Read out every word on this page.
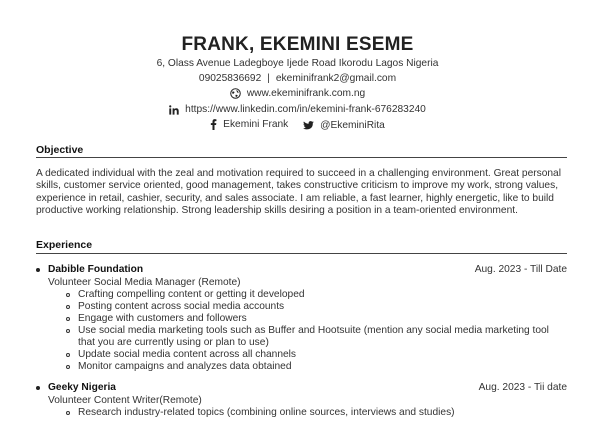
FRANK, EKEMINI ESEME
6, Olass Avenue Ladegboye Ijede Road Ikorodu Lagos Nigeria
09025836692 | ekeminifrank2@gmail.com
www.ekeminifrank.com.ng
https://www.linkedin.com/in/ekemini-frank-676283240
Ekemini Frank
	@EkeminiRita
Objective
A dedicated individual with the zeal and motivation required to succeed in a challenging environment. Great personal skills, customer service oriented, good management, takes constructive criticism to improve my work, strong values, experience in retail, cashier, security, and sales associate. I am reliable, a fast learner, highly energetic, like to build productive working relationship. Strong leadership skills desiring a position in a team-oriented environment.
Experience
Dabible Foundation	Aug. 2023 - Till Date
Volunteer Social Media Manager (Remote)
Crafting compelling content or getting it developed
Posting content across social media accounts
Engage with customers and followers
Use social media marketing tools such as Buffer and Hootsuite (mention any social media marketing tool that you are currently using or plan to use)
Update social media content across all channels
Monitor campaigns and analyzes data obtained
Geeky Nigeria	Aug. 2023 - Tii date
Volunteer Content Writer(Remote)
Research industry-related topics (combining online sources, interviews and studies)
